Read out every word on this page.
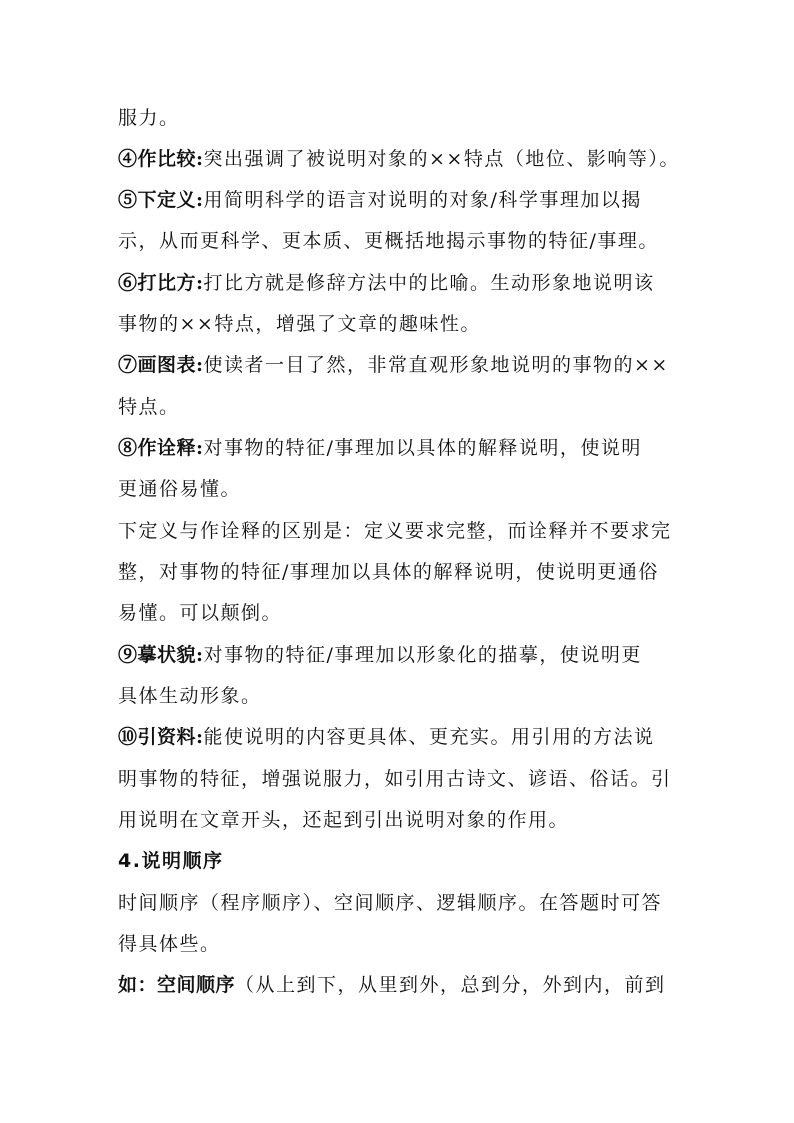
服力。
④作比较:突出强调了被说明对象的××特点（地位、影响等）。
⑤下定义:用简明科学的语言对说明的对象/科学事理加以揭
示，从而更科学、更本质、更概括地揭示事物的特征/事理。
⑥打比方:打比方就是修辞方法中的比喻。生动形象地说明该
事物的××特点，增强了文章的趣味性。
⑦画图表:使读者一目了然，非常直观形象地说明的事物的××
特点。
⑧作诠释:对事物的特征/事理加以具体的解释说明，使说明
更通俗易懂。
下定义与作诠释的区别是：定义要求完整，而诠释并不要求完
整，对事物的特征/事理加以具体的解释说明，使说明更通俗
易懂。可以颠倒。
⑨摹状貌:对事物的特征/事理加以形象化的描摹，使说明更
具体生动形象。
⑩引资料:能使说明的内容更具体、更充实。用引用的方法说
明事物的特征，增强说服力，如引用古诗文、谚语、俗话。引
用说明在文章开头，还起到引出说明对象的作用。
4.说明顺序
时间顺序（程序顺序）、空间顺序、逻辑顺序。在答题时可答
得具体些。
如：空间顺序（从上到下，从里到外，总到分，外到内，前到
